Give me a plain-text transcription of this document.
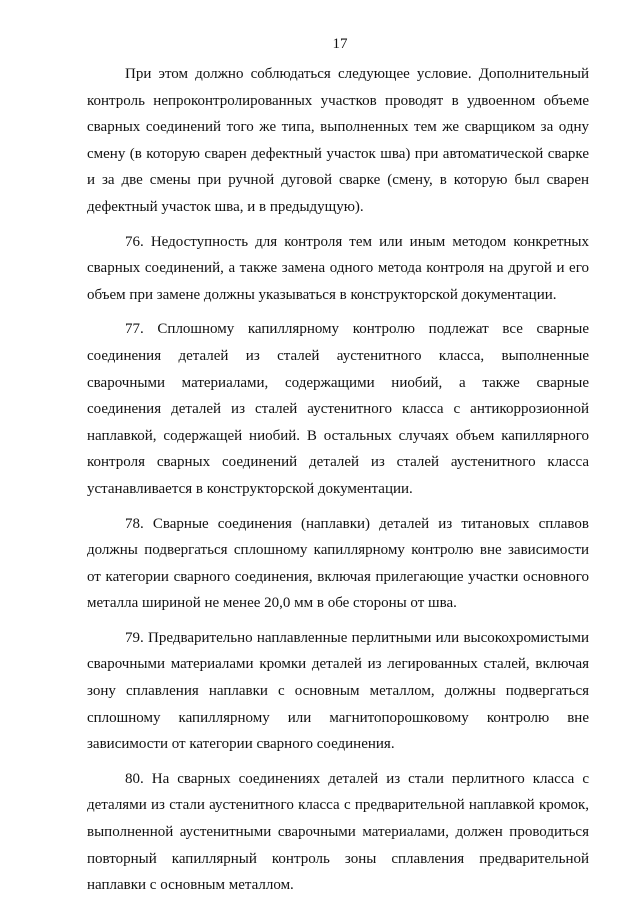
17

При этом должно соблюдаться следующее условие. Дополнительный контроль непроконтролированных участков проводят в удвоенном объеме сварных соединений того же типа, выполненных тем же сварщиком за одну смену (в которую сварен дефектный участок шва) при автоматической сварке и за две смены при ручной дуговой сварке (смену, в которую был сварен дефектный участок шва, и в предыдущую).

76. Недоступность для контроля тем или иным методом конкретных сварных соединений, а также замена одного метода контроля на другой и его объем при замене должны указываться в конструкторской документации.

77. Сплошному капиллярному контролю подлежат все сварные соединения деталей из сталей аустенитного класса, выполненные сварочными материалами, содержащими ниобий, а также сварные соединения деталей из сталей аустенитного класса с антикоррозионной наплавкой, содержащей ниобий. В остальных случаях объем капиллярного контроля сварных соединений деталей из сталей аустенитного класса устанавливается в конструкторской документации.

78. Сварные соединения (наплавки) деталей из титановых сплавов должны подвергаться сплошному капиллярному контролю вне зависимости от категории сварного соединения, включая прилегающие участки основного металла шириной не менее 20,0 мм в обе стороны от шва.

79. Предварительно наплавленные перлитными или высокохромистыми сварочными материалами кромки деталей из легированных сталей, включая зону сплавления наплавки с основным металлом, должны подвергаться сплошному капиллярному или магнитопорошковому контролю вне зависимости от категории сварного соединения.

80. На сварных соединениях деталей из стали перлитного класса с деталями из стали аустенитного класса с предварительной наплавкой кромок, выполненной аустенитными сварочными материалами, должен проводиться повторный капиллярный контроль зоны сплавления предварительной наплавки с основным металлом.
